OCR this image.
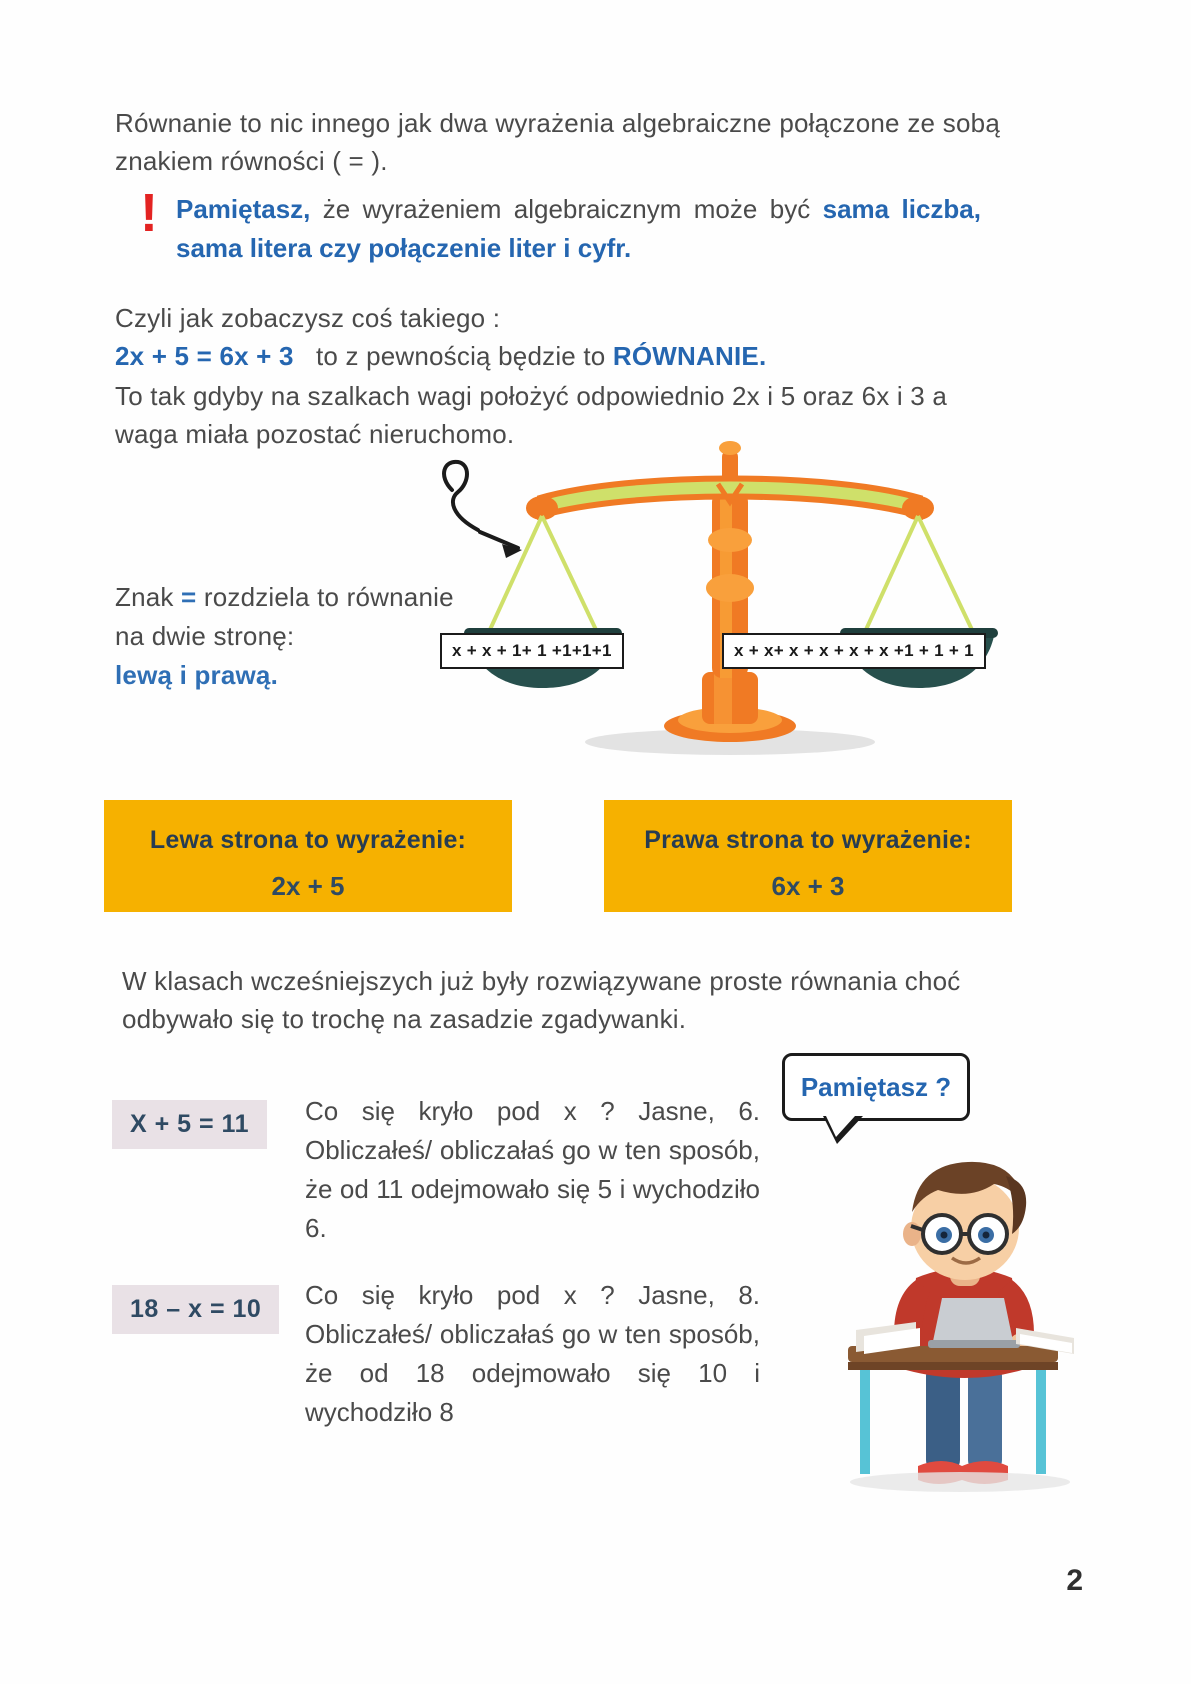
Równanie to nic innego jak dwa wyrażenia algebraiczne połączone ze sobą znakiem równości ( = ).
! Pamiętasz, że wyrażeniem algebraicznym może być sama liczba, sama litera czy połączenie liter i cyfr.
Czyli jak zobaczysz coś takiego :
2x + 5 = 6x + 3 to z pewnością będzie to RÓWNANIE.
To tak gdyby na szalkach wagi położyć odpowiednio 2x i 5 oraz 6x i 3 a waga miała pozostać nieruchomo.
Znak = rozdziela to równanie
na dwie stronę:
lewą i prawą.
x + x + 1+ 1 +1+1+1	x + x+ x + x + x + x +1 + 1 + 1
Lewa strona to wyrażenie:
2x + 5
Prawa strona to wyrażenie:
6x + 3
W klasach wcześniejszych już były rozwiązywane proste równania choć odbywało się to trochę na zasadzie zgadywanki.
X + 5 = 11	Co się kryło pod x ? Jasne, 6. Obliczałeś/ obliczałaś go w ten sposób, że od 11 odejmowało się 5 i wychodziło 6.
18 – x = 10	Co się kryło pod x ? Jasne, 8. Obliczałeś/ obliczałaś go w ten sposób, że od 18 odejmowało się 10 i wychodziło 8
Pamiętasz ?
2
